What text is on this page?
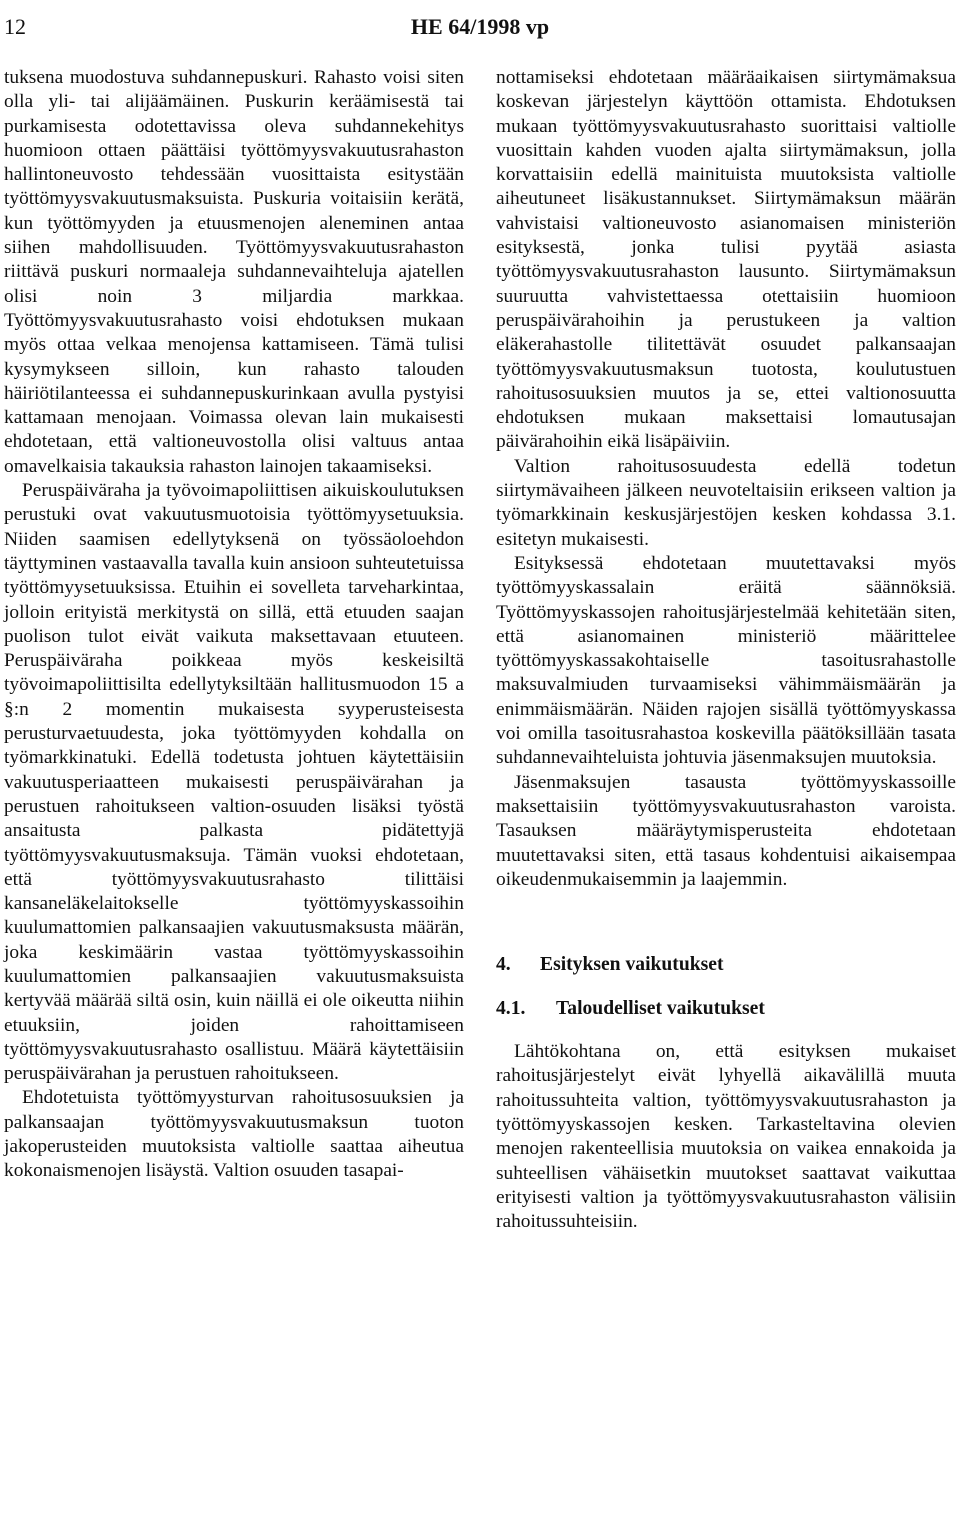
12	HE 64/1998 vp

tuksena muodostuva suhdannepuskuri. Rahasto voisi siten olla yli- tai alijäämäinen. Puskurin keräämisestä tai purkamisesta odotettavissa oleva suhdannekehitys huomioon ottaen päättäisi työttömyysvakuutusrahaston hallintoneuvosto tehdessään vuosittaista esitystään työttömyysvakuutusmaksuista. Puskuria voitaisiin kerätä, kun työttömyyden ja etuusmenojen aleneminen antaa siihen mahdollisuuden. Työttömyysvakuutusrahaston riittävä puskuri normaaleja suhdannevaihteluja ajatellen olisi noin 3 miljardia markkaa. Työttömyysvakuutusrahasto voisi ehdotuksen mukaan myös ottaa velkaa menojensa kattamiseen. Tämä tulisi kysymykseen silloin, kun rahasto talouden häiriötilanteessa ei suhdannepuskurinkaan avulla pystyisi kattamaan menojaan. Voimassa olevan lain mukaisesti ehdotetaan, että valtioneuvostolla olisi valtuus antaa omavelkaisia takauksia rahaston lainojen takaamiseksi.

Peruspäiväraha ja työvoimapoliittisen aikuiskoulutuksen perustuki ovat vakuutusmuotoisia työttömyysetuuksia. Niiden saamisen edellytyksenä on työssäoloehdon täyttyminen vastaavalla tavalla kuin ansioon suhteutetuissa työttömyysetuuksissa. Etuihin ei sovelleta tarveharkintaa, jolloin erityistä merkitystä on sillä, että etuuden saajan puolison tulot eivät vaikuta maksettavaan etuuteen. Peruspäiväraha poikkeaa myös keskeisiltä työvoimapoliittisilta edellytyksiltään hallitusmuodon 15 a §:n 2 momentin mukaisesta syyperusteisesta perusturvaetuudesta, joka työttömyyden kohdalla on työmarkkinatuki. Edellä todetusta johtuen käytettäisiin vakuutusperiaatteen mukaisesti peruspäivärahan ja perustuen rahoitukseen valtion-osuuden lisäksi työstä ansaitusta palkasta pidätettyjä työttömyysvakuutusmaksuja. Tämän vuoksi ehdotetaan, että työttömyysvakuutusrahasto tilittäisi kansaneläkelaitokselle työttömyyskassoihin kuulumattomien palkansaajien vakuutusmaksusta määrän, joka keskimäärin vastaa työttömyyskassoihin kuulumattomien palkansaajien vakuutusmaksuista kertyvää määrää siltä osin, kuin näillä ei ole oikeutta niihin etuuksiin, joiden rahoittamiseen työttömyysvakuutusrahasto osallistuu. Määrä käytettäisiin peruspäivärahan ja perustuen rahoitukseen.

Ehdotetuista työttömyysturvan rahoitusosuuksien ja palkansaajan työttömyysvakuutusmaksun tuoton jakoperusteiden muutoksista valtiolle saattaa aiheutua kokonaismenojen lisäystä. Valtion osuuden tasapai-

nottamiseksi ehdotetaan määräaikaisen siirtymämaksua koskevan järjestelyn käyttöön ottamista. Ehdotuksen mukaan työttömyysvakuutusrahasto suorittaisi valtiolle vuosittain kahden vuoden ajalta siirtymämaksun, jolla korvattaisiin edellä mainituista muutoksista valtiolle aiheutuneet lisäkustannukset. Siirtymämaksun määrän vahvistaisi valtioneuvosto asianomaisen ministeriön esityksestä, jonka tulisi pyytää asiasta työttömyysvakuutusrahaston lausunto. Siirtymämaksun suuruutta vahvistettaessa otettaisiin huomioon peruspäivärahoihin ja perustukeen ja valtion eläkerahastolle tilitettävät osuudet palkansaajan työttömyysvakuutusmaksun tuotosta, koulutustuen rahoitusosuuksien muutos ja se, ettei valtionosuutta ehdotuksen mukaan maksettaisi lomautusajan päivärahoihin eikä lisäpäiviin.

Valtion rahoitusosuudesta edellä todetun siirtymävaiheen jälkeen neuvoteltaisiin erikseen valtion ja työmarkkinain keskusjärjestöjen kesken kohdassa 3.1. esitetyn mukaisesti.

Esityksessä ehdotetaan muutettavaksi myös työttömyyskassalain eräitä säännöksiä. Työttömyyskassojen rahoitusjärjestelmää kehitetään siten, että asianomainen ministeriö määrittelee työttömyyskassakohtaiselle tasoitusrahastolle maksuvalmiuden turvaamiseksi vähimmäismäärän ja enimmäismäärän. Näiden rajojen sisällä työttömyyskassa voi omilla tasoitusrahastoa koskevilla päätöksillään tasata suhdannevaihteluista johtuvia jäsenmaksujen muutoksia.

Jäsenmaksujen tasausta työttömyyskassoille maksettaisiin työttömyysvakuutusrahaston varoista. Tasauksen määräytymisperusteita ehdotetaan muutettavaksi siten, että tasaus kohdentuisi aikaisempaa oikeudenmukaisemmin ja laajemmin.

4. Esityksen vaikutukset
4.1. Taloudelliset vaikutukset

Lähtökohtana on, että esityksen mukaiset rahoitusjärjestelyt eivät lyhyellä aikavälillä muuta rahoitussuhteita valtion, työttömyysvakuutusrahaston ja työttömyyskassojen kesken. Tarkasteltavina olevien menojen rakenteellisia muutoksia on vaikea ennakoida ja suhteellisen vähäisetkin muutokset saattavat vaikuttaa erityisesti valtion ja työttömyysvakuutusrahaston välisiin rahoitussuhteisiin.
